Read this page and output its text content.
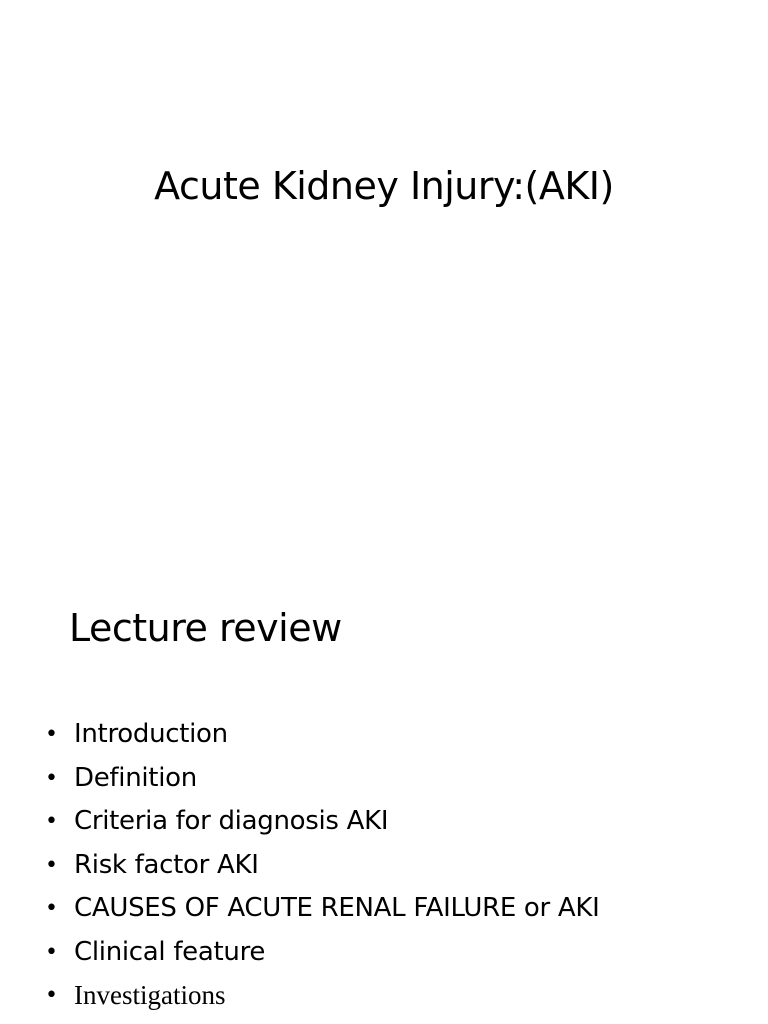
Acute Kidney Injury:(AKI)
Lecture review
• Introduction
• Definition
• Criteria for diagnosis AKI
• Risk factor AKI
• CAUSES OF ACUTE RENAL FAILURE or AKI
• Clinical feature
• Investigations
